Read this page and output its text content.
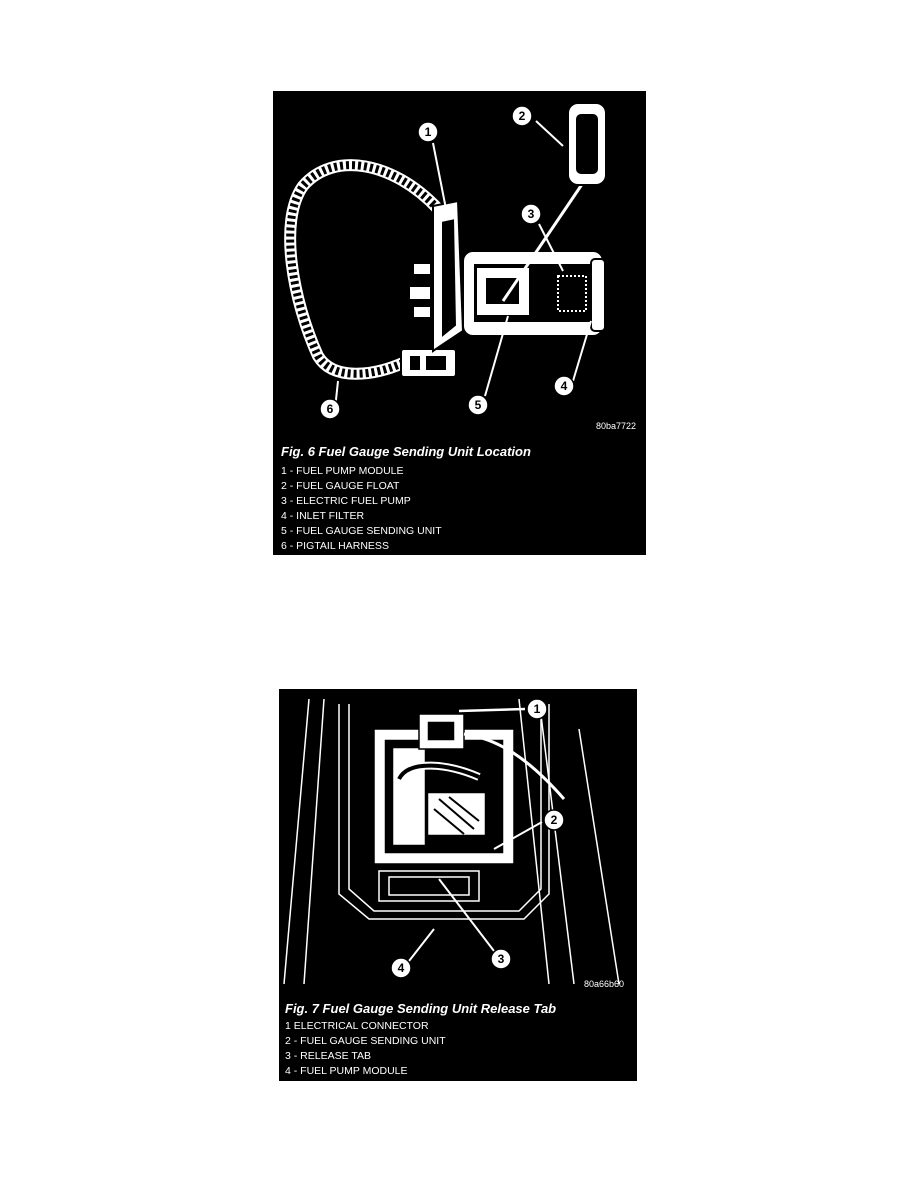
1
2
3
4
5
6
80ba7722
Fig. 6 Fuel Gauge Sending Unit Location
1 - FUEL PUMP MODULE
2 - FUEL GAUGE FLOAT
3 - ELECTRIC FUEL PUMP
4 - INLET FILTER
5 - FUEL GAUGE SENDING UNIT
6 - PIGTAIL HARNESS
1
2
3
4
80a66b60
Fig. 7 Fuel Gauge Sending Unit Release Tab
1 ELECTRICAL CONNECTOR
2 - FUEL GAUGE SENDING UNIT
3 - RELEASE TAB
4 - FUEL PUMP MODULE
